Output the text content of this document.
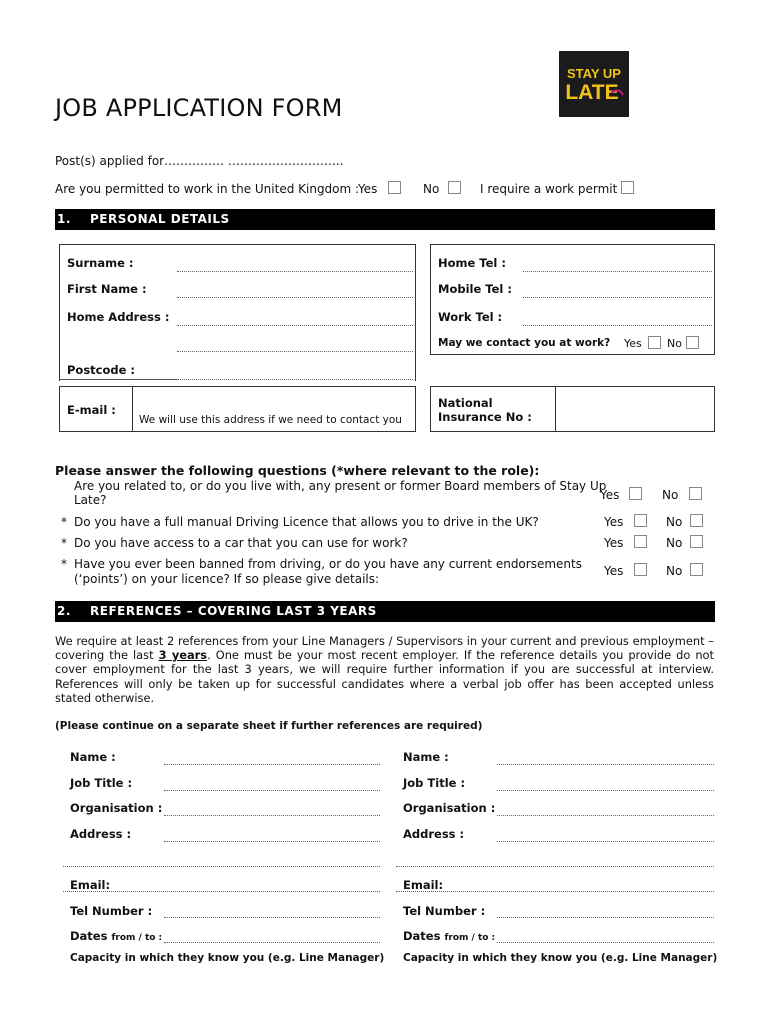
STAY UP
LATE
JOB APPLICATION FORM
Post(s) applied for …………… ………………………..
Are you permitted to work in the United Kingdom :
Yes	No	I require a work permit
1. PERSONAL DETAILS
Surname :
First Name :
Home Address :
Postcode :
E-mail :
We will use this address if we need to contact you
Home Tel :
Mobile Tel :
Work Tel :
May we contact you at work? Yes No
National
Insurance No :
Please answer the following questions (*where relevant to the role):
Are you related to, or do you live with, any present or former Board members of Stay Up
Late?	Yes	No
* Do you have a full manual Driving Licence that allows you to drive in the UK?	Yes	No
* Do you have access to a car that you can use for work?	Yes	No
* Have you ever been banned from driving, or do you have any current endorsements
(‘points’) on your licence? If so please give details:
Yes	No
2. REFERENCES – COVERING LAST 3 YEARS
We require at least 2 references from your Line Managers / Supervisors in your current and previous employment – covering the last 3 years. One must be your most recent employer. If the reference details you provide do not cover employment for the last 3 years, we will require further information if you are successful at interview. References will only be taken up for successful candidates where a verbal job offer has been accepted unless stated otherwise.
(Please continue on a separate sheet if further references are required)
Name :
Job Title :
Organisation :
Address :
Email:
Tel Number :
Dates from / to :
Capacity in which they know you (e.g. Line Manager)
Name :
Job Title :
Organisation :
Address :
Email:
Tel Number :
Dates from / to :
Capacity in which they know you (e.g. Line Manager)
